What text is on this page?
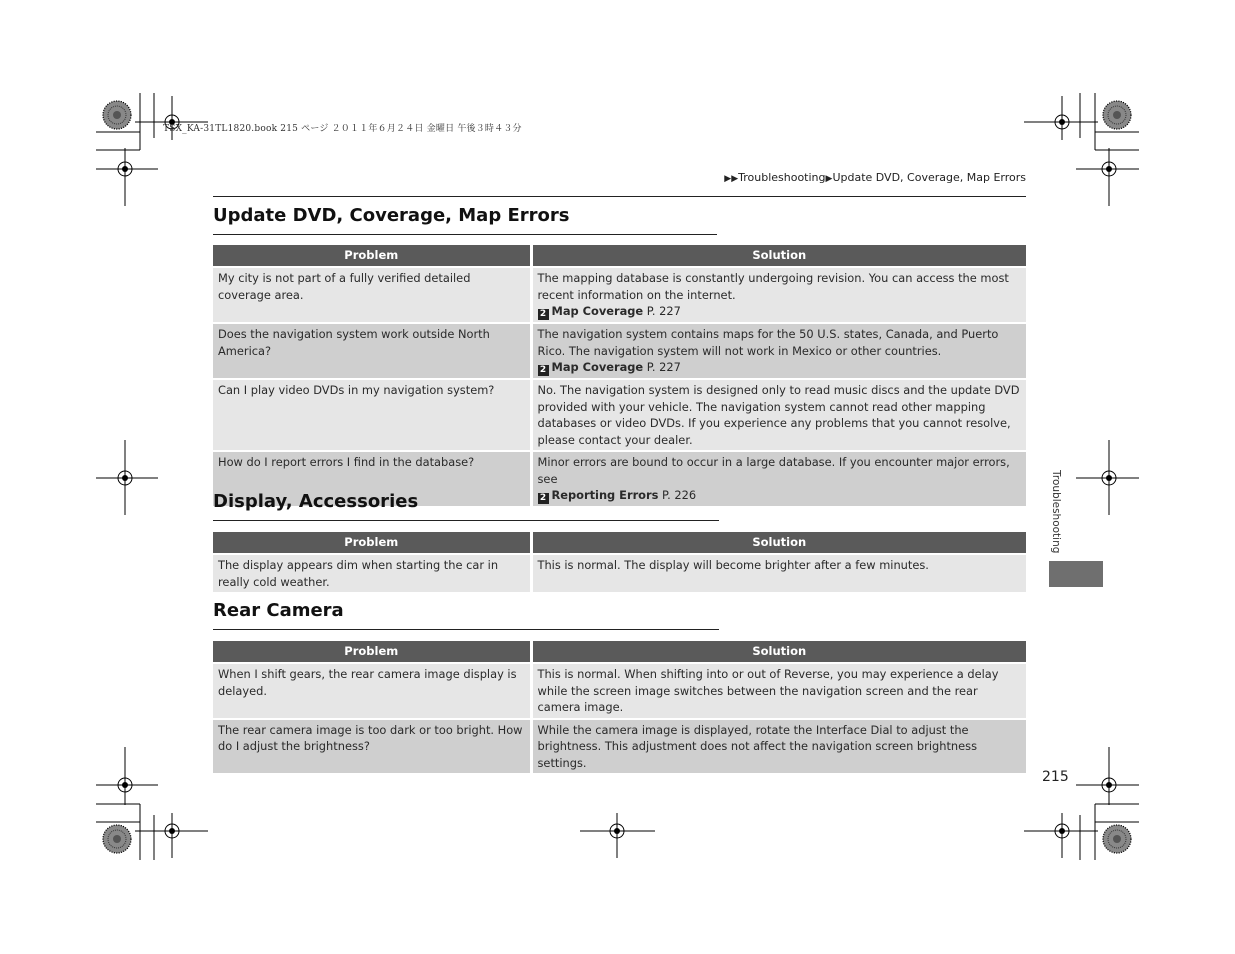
TSX_KA-31TL1820.book 215 ページ ２０１１年６月２４日 金曜日 午後３時４３分
▶▶Troubleshooting▶Update DVD, Coverage, Map Errors
Update DVD, Coverage, Map Errors
Problem	Solution
My city is not part of a fully verified detailed coverage area.	The mapping database is constantly undergoing revision. You can access the most recent information on the internet.
2 Map Coverage P. 227
Does the navigation system work outside North America?	The navigation system contains maps for the 50 U.S. states, Canada, and Puerto Rico. The navigation system will not work in Mexico or other countries.
2 Map Coverage P. 227
Can I play video DVDs in my navigation system?	No. The navigation system is designed only to read music discs and the update DVD provided with your vehicle. The navigation system cannot read other mapping databases or video DVDs. If you experience any problems that you cannot resolve, please contact your dealer.
How do I report errors I find in the database?	Minor errors are bound to occur in a large database. If you encounter major errors, see
2 Reporting Errors P. 226
Display, Accessories
Problem	Solution
The display appears dim when starting the car in really cold weather.	This is normal. The display will become brighter after a few minutes.
Rear Camera
Problem	Solution
When I shift gears, the rear camera image display is delayed.	This is normal. When shifting into or out of Reverse, you may experience a delay while the screen image switches between the navigation screen and the rear camera image.
The rear camera image is too dark or too bright. How do I adjust the brightness?	While the camera image is displayed, rotate the Interface Dial to adjust the brightness. This adjustment does not affect the navigation screen brightness settings.
Troubleshooting
215
